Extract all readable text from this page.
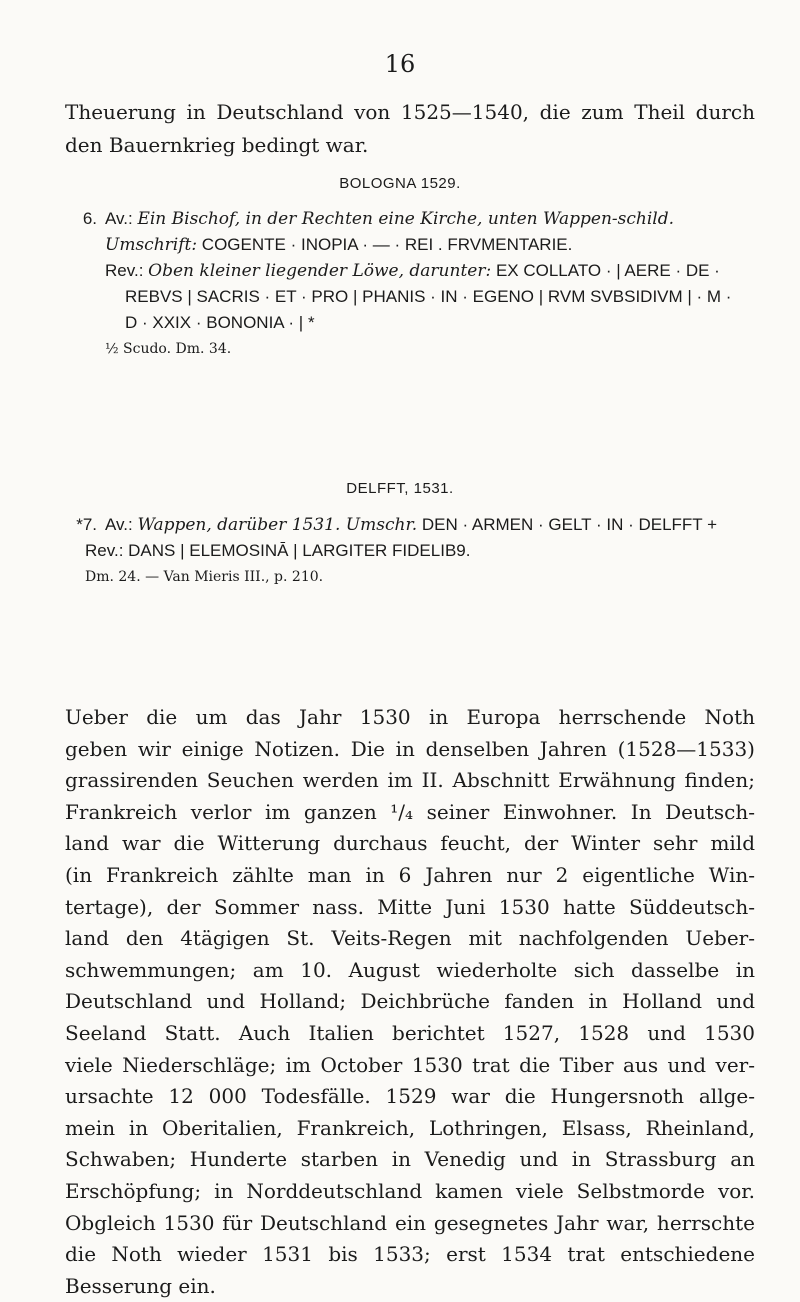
16
Theuerung in Deutschland von 1525—1540, die zum Theil durch den Bauernkrieg bedingt war.
BOLOGNA 1529.
6. Av.: Ein Bischof, in der Rechten eine Kirche, unten Wappen-schild. Umschrift: COGENTE · INOPIA · — · REI . FRVMENTARIE.
Rev.: Oben kleiner liegender Löwe, darunter: EX COLLATO · | AERE · DE · REBVS | SACRIS · ET · PRO | PHANIS · IN · EGENO | RVM SVBSIDIVM | · M · D · XXIX · BONONIA · | *
½ Scudo. Dm. 34.
DELFFT, 1531.
*7. Av.: Wappen, darüber 1531. Umschr. DEN · ARMEN · GELT · IN · DELFFT +
Rev.: DANS | ELEMOSINĀ | LARGITER FIDELIB9.
Dm. 24. — Van Mieris III., p. 210.
Ueber die um das Jahr 1530 in Europa herrschende Noth
geben wir einige Notizen. Die in denselben Jahren (1528—1533)
grassirenden Seuchen werden im II. Abschnitt Erwähnung finden;
Frankreich verlor im ganzen ¹/₄ seiner Einwohner. In Deutsch-
land war die Witterung durchaus feucht, der Winter sehr mild
(in Frankreich zählte man in 6 Jahren nur 2 eigentliche Win-
tertage), der Sommer nass. Mitte Juni 1530 hatte Süddeutsch-
land den 4tägigen St. Veits-Regen mit nachfolgenden Ueber-
schwemmungen; am 10. August wiederholte sich dasselbe in
Deutschland und Holland; Deichbrüche fanden in Holland und
Seeland Statt. Auch Italien berichtet 1527, 1528 und 1530
viele Niederschläge; im October 1530 trat die Tiber aus und ver-
ursachte 12 000 Todesfälle. 1529 war die Hungersnoth allge-
mein in Oberitalien, Frankreich, Lothringen, Elsass, Rheinland,
Schwaben; Hunderte starben in Venedig und in Strassburg an
Erschöpfung; in Norddeutschland kamen viele Selbstmorde vor.
Obgleich 1530 für Deutschland ein gesegnetes Jahr war, herrschte
die Noth wieder 1531 bis 1533; erst 1534 trat entschiedene
Besserung ein.
